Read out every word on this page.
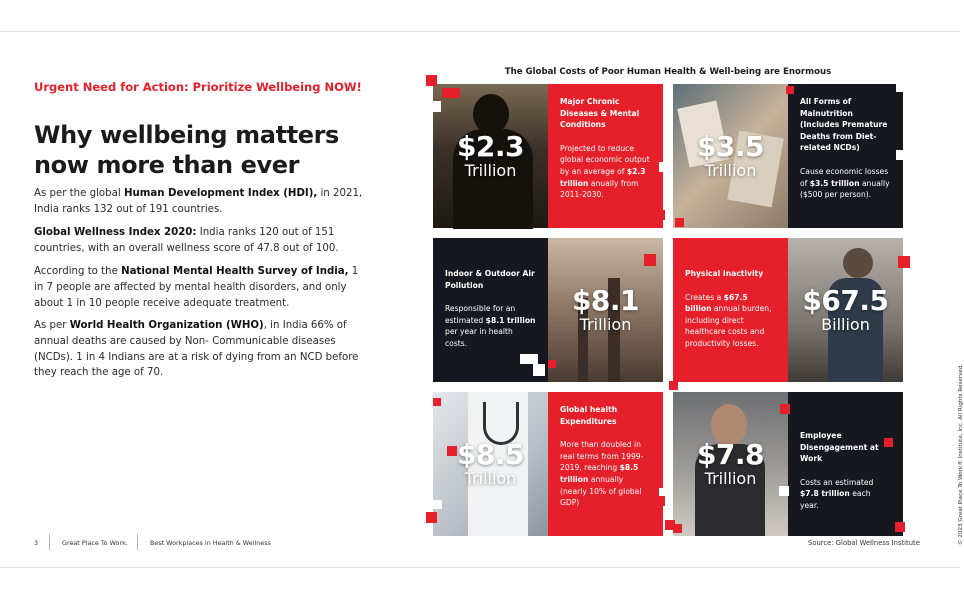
Urgent Need for Action: Prioritize Wellbeing NOW!
Why wellbeing matters now more than ever

As per the global Human Development Index (HDI), in 2021, India ranks 132 out of 191 countries.

Global Wellness Index 2020: India ranks 120 out of 151 countries, with an overall wellness score of 47.8 out of 100.

According to the National Mental Health Survey of India, 1 in 7 people are affected by mental health disorders, and only about 1 in 10 people receive adequate treatment.

As per World Health Organization (WHO), in India 66% of annual deaths are caused by Non- Communicable diseases (NCDs). 1 in 4 Indians are at a risk of dying from an NCD before they reach the age of 70.

The Global Costs of Poor Human Health & Well-being are Enormous
$2.3
Trillion

Major Chronic Diseases & Mental Conditions

Projected to reduce global economic output by an average of $2.3 trillion anually from 2011-2030.

$3.5
Trillion

All Forms of Malnutrition (Includes Premature Deaths from Diet-related NCDs)

Cause economic losses of $3.5 trillion anually ($500 per person).

Indoor & Outdoor Air Pollution

Responsible for an estimated $8.1 trillion per year in health costs.

$8.1
Trillion

Physical Inactivity

Creates a $67.5 billion annual burden, including direct healthcare costs and productivity losses.

$67.5
Billion
$8.5
Trillion

Global health Expenditures

More than doubled in real terms from 1999-2019, reaching $8.5 trillion annually (nearly 10% of global GDP)

$7.8
Trillion

Employee Disengagement at Work

Costs an estimated $7.8 trillion each year.

3	Great Place To Work.	Best Workplaces in Health & Wellness	Source: Global Wellness Institute	© 2023 Great Place To Work® Institute, Inc. All Rights Reserved.
